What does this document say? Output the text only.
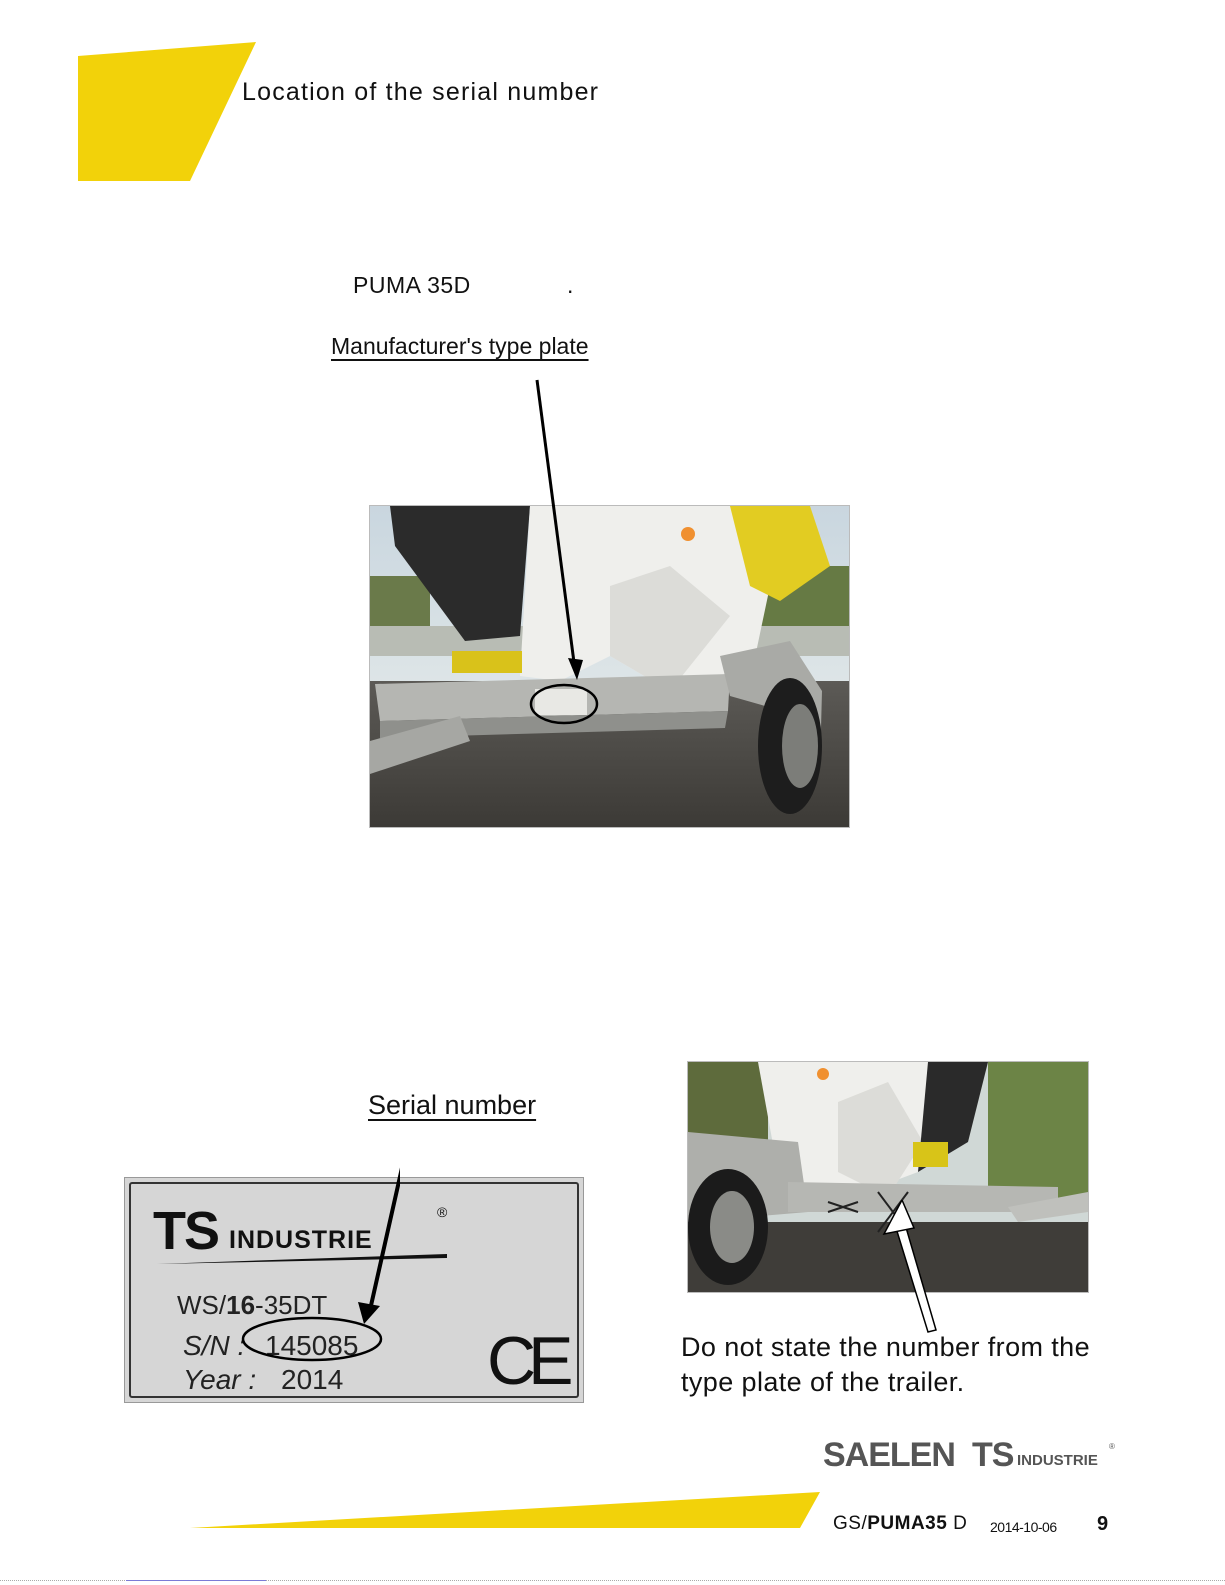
Location of the serial number
PUMA 35D	.
Manufacturer's type plate
Serial number
TS INDUSTRIE
®
WS/16-35DT
S/N : 145085
Year : 2014 CE	Do not state the number from the
type plate of the trailer.
SAELEN TS INDUSTRIE
®
GS/PUMA35 D 2014-10-06 9
